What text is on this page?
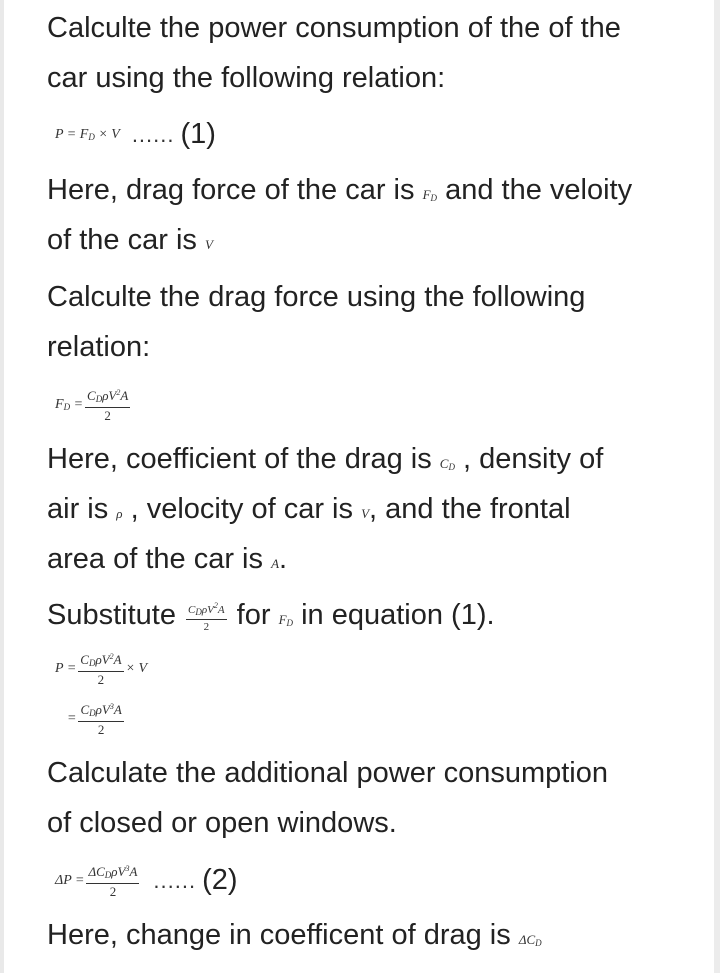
Calculte the power consumption of the of the
car using the following relation:
$P = F_D \times V$ ...... (1)
Here, drag force of the car is $F_D$ and the veloity
of the car is V
Calculte the drag force using the following
relation:
$F_D = \frac{C_D\rho V^2A}{2}$
Here, coefficient of the drag is $C_D$ , density of
air is ρ , velocity of car is V, and the frontal
area of the car is A.
Substitute $\frac{C_D\rho V^2A}{2}$ for $F_D$ in equation (1).
$P = \frac{C_D\rho V^2A}{2} \times V$
= $\frac{C_D\rho V^3A}{2}$
Calculate the additional power consumption
of closed or open windows.
$\Delta P = \frac{\Delta C_D\rho V^3A}{2}$ ...... (2)
Here, change in coefficent of drag is $\Delta C_D$
